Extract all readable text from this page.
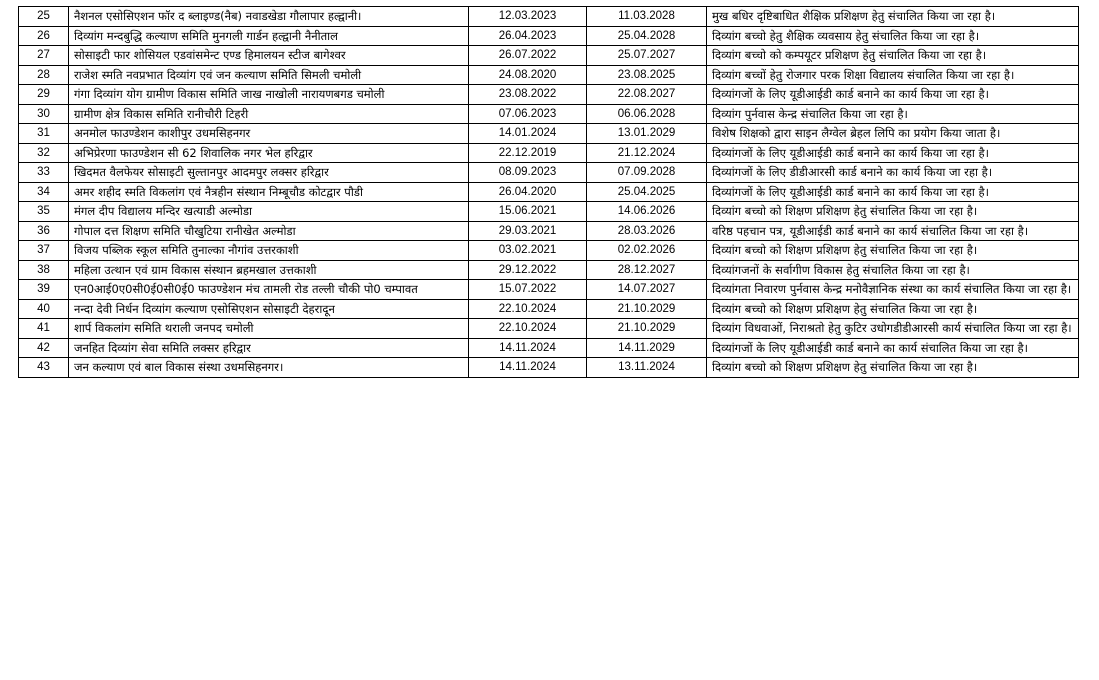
25	नैशनल एसोसिएशन फॉर द ब्लाइण्ड(नैब) नवाडखेडा गौलापार हल्द्वानी।	12.03.2023	11.03.2028	मुख बधिर दृष्टिबाधित शैक्षिक प्रशिक्षण हेतु संचालित किया जा रहा है।
26	दिव्यांग मन्दबुद्धि कल्याण समिति मुनगली गार्डन हल्द्वानी नैनीताल	26.04.2023	25.04.2028	दिव्यांग बच्चो हेतु शैक्षिक व्यवसाय हेतु संचालित किया जा रहा है।
27	सोसाइटी फार शोसियल एडवांसमेन्ट एण्ड हिमालयन स्टीज बागेश्वर	26.07.2022	25.07.2027	दिव्यांग बच्चो को कम्पयूटर प्रशिक्षण हेतु संचालित किया जा रहा है।
28	राजेश स्मति नवप्रभात दिव्यांग एवं जन कल्याण समिति सिमली चमोली	24.08.2020	23.08.2025	दिव्यांग बच्चों हेतु रोजगार परक शिक्षा विद्यालय संचालित किया जा रहा है।
29	गंगा दिव्यांग योग ग्रामीण विकास समिति जाख नाखोली नारायणबगड चमोली	23.08.2022	22.08.2027	दिव्यांगजों के लिए यूडीआईडी कार्ड बनाने का कार्य किया जा रहा है।
30	ग्रामीण क्षेत्र विकास समिति रानीचौरी टिहरी	07.06.2023	06.06.2028	दिव्यांग पुर्नवास केन्द्र संचालित किया जा रहा है।
31	अनमोल फाउण्डेशन काशीपुर उधमसिहनगर	14.01.2024	13.01.2029	विशेष शिक्षको द्वारा साइन लैग्वेल ब्रेहल लिपि का प्रयोग किया जाता है।
32	अभिप्रेरणा फाउण्डेशन सी 62 शिवालिक नगर भेल हरिद्वार	22.12.2019	21.12.2024	दिव्यांगजों के लिए यूडीआईडी कार्ड बनाने का कार्य किया जा रहा है।
33	खिदमत वैलफेयर सोसाइटी सुल्तानपुर आदमपुर लक्सर हरिद्वार	08.09.2023	07.09.2028	दिव्यांगजों के लिए डीडीआरसी कार्ड बनाने का कार्य किया जा रहा है।
34	अमर शहीद स्मति विकलांग एवं नैत्रहीन संस्थान निम्बूचौड कोटद्वार पौडी	26.04.2020	25.04.2025	दिव्यांगजों के लिए यूडीआईडी कार्ड बनाने का कार्य किया जा रहा है।
35	मंगल दीप विद्यालय मन्दिर खत्याडी अल्मोडा	15.06.2021	14.06.2026	दिव्यांग बच्चो को शिक्षण प्रशिक्षण हेतु संचालित किया जा रहा है।
36	गोपाल दत्त शिक्षण समिति चौखुटिया रानीखेत अल्मोडा	29.03.2021	28.03.2026	वरिष्ठ पहचान पत्र, यूडीआईडी कार्ड बनाने का कार्य संचालित किया जा रहा है।
37	विजय पब्लिक स्कूल समिति तुनाल्का नौगांव उत्तरकाशी	03.02.2021	02.02.2026	दिव्यांग बच्चो को शिक्षण प्रशिक्षण हेतु संचालित किया जा रहा है।
38	महिला उत्थान एवं ग्राम विकास संस्थान ब्रहमखाल उत्तकाशी	29.12.2022	28.12.2027	दिव्यांगजनों के सर्वागीण विकास हेतु संचालित किया जा रहा है।
39	एन0आई0ए0सी0ई0सी0ई0 फाउण्डेशन मंच तामली रोड तल्ली चौकी पो0 चम्पावत	15.07.2022	14.07.2027	दिव्यांगता निवारण पुर्नवास केन्द्र मनोवैज्ञानिक संस्था का कार्य संचालित किया जा रहा है।
40	नन्दा देवी निर्धन दिव्यांग कल्याण एसोसिएशन सोसाइटी देहरादून	22.10.2024	21.10.2029	दिव्यांग बच्चो को शिक्षण प्रशिक्षण हेतु संचालित किया जा रहा है।
41	शार्प विकलांग समिति थराली जनपद चमोली	22.10.2024	21.10.2029	दिव्यांग विधवाओं, निराश्रतो हेतु कुटिर उधोगडीडीआरसी कार्य संचालित किया जा रहा है।
42	जनहित दिव्यांग सेवा समिति लक्सर हरिद्वार	14.11.2024	14.11.2029	दिव्यांगजों के लिए यूडीआईडी कार्ड बनाने का कार्य संचालित किया जा रहा है।
43	जन कल्याण एवं बाल विकास संस्था उधमसिहनगर।	14.11.2024	13.11.2024	दिव्यांग बच्चो को शिक्षण प्रशिक्षण हेतु संचालित किया जा रहा है।
